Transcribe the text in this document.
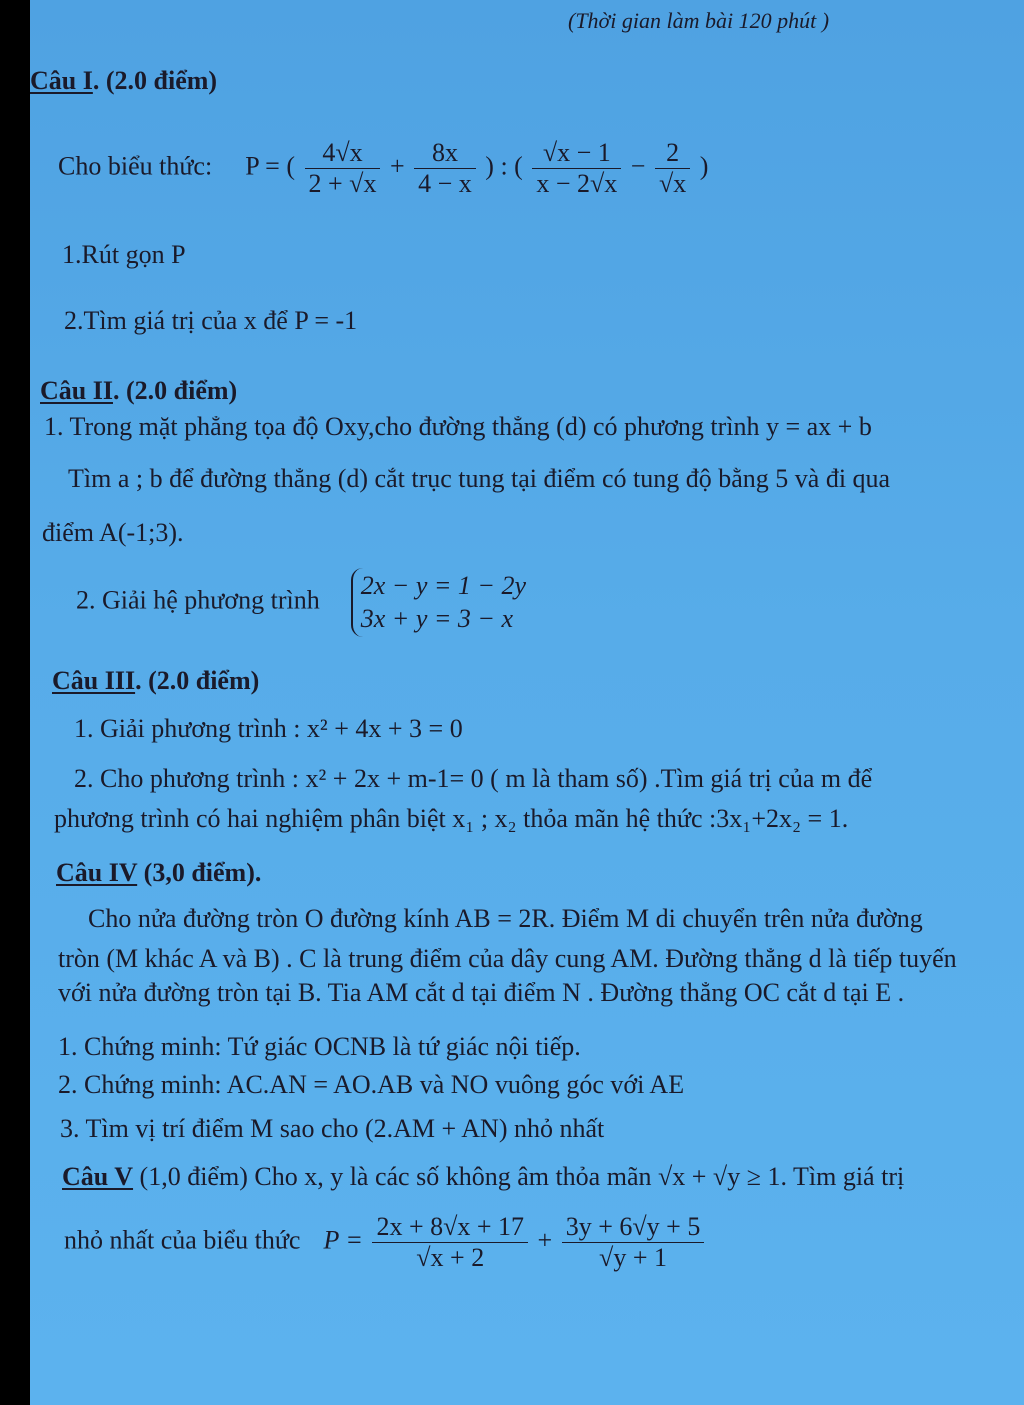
(Thời gian làm bài 120 phút )
Câu I. (2.0 điểm)
Cho biểu thức: P = ( $\frac{4√x}{2 + √x} + \frac{8x}{4 - x}$ ) : ( $\frac{√x - 1}{x - 2√x} - \frac{2}{√x}$ )
1.Rút gọn P
2.Tìm giá trị của x để P = -1
Câu II. (2.0 điểm)
1. Trong mặt phẳng tọa độ Oxy,cho đường thẳng (d) có phương trình y = ax + b
Tìm a ; b để đường thẳng (d) cắt trục tung tại điểm có tung độ bằng 5 và đi qua
điểm A(-1;3).
2. Giải hệ phương trình 2x − y = 1 − 2y
3x + y = 3 − x
Câu III. (2.0 điểm)
1. Giải phương trình : x² + 4x + 3 = 0
2. Cho phương trình : x² + 2x + m-1= 0 ( m là tham số) .Tìm giá trị của m để
phương trình có hai nghiệm phân biệt x₁ ; x₂ thỏa mãn hệ thức :3x₁+2x₂ = 1.
Câu IV (3,0 điểm).
Cho nửa đường tròn O đường kính AB = 2R. Điểm M di chuyển trên nửa đường
tròn (M khác A và B) . C là trung điểm của dây cung AM. Đường thẳng d là tiếp tuyến
với nửa đường tròn tại B. Tia AM cắt d tại điểm N . Đường thẳng OC cắt d tại E .
1. Chứng minh: Tứ giác OCNB là tứ giác nội tiếp.
2. Chứng minh: AC.AN = AO.AB và NO vuông góc với AE
3. Tìm vị trí điểm M sao cho (2.AM + AN) nhỏ nhất
Câu V (1,0 điểm) Cho x, y là các số không âm thỏa mãn √x + √y ≥ 1. Tìm giá trị
nhỏ nhất của biểu thức $P = \frac{2x + 8√x + 17}{√x + 2} + \frac{3y + 6√y + 5}{√y + 1}$
